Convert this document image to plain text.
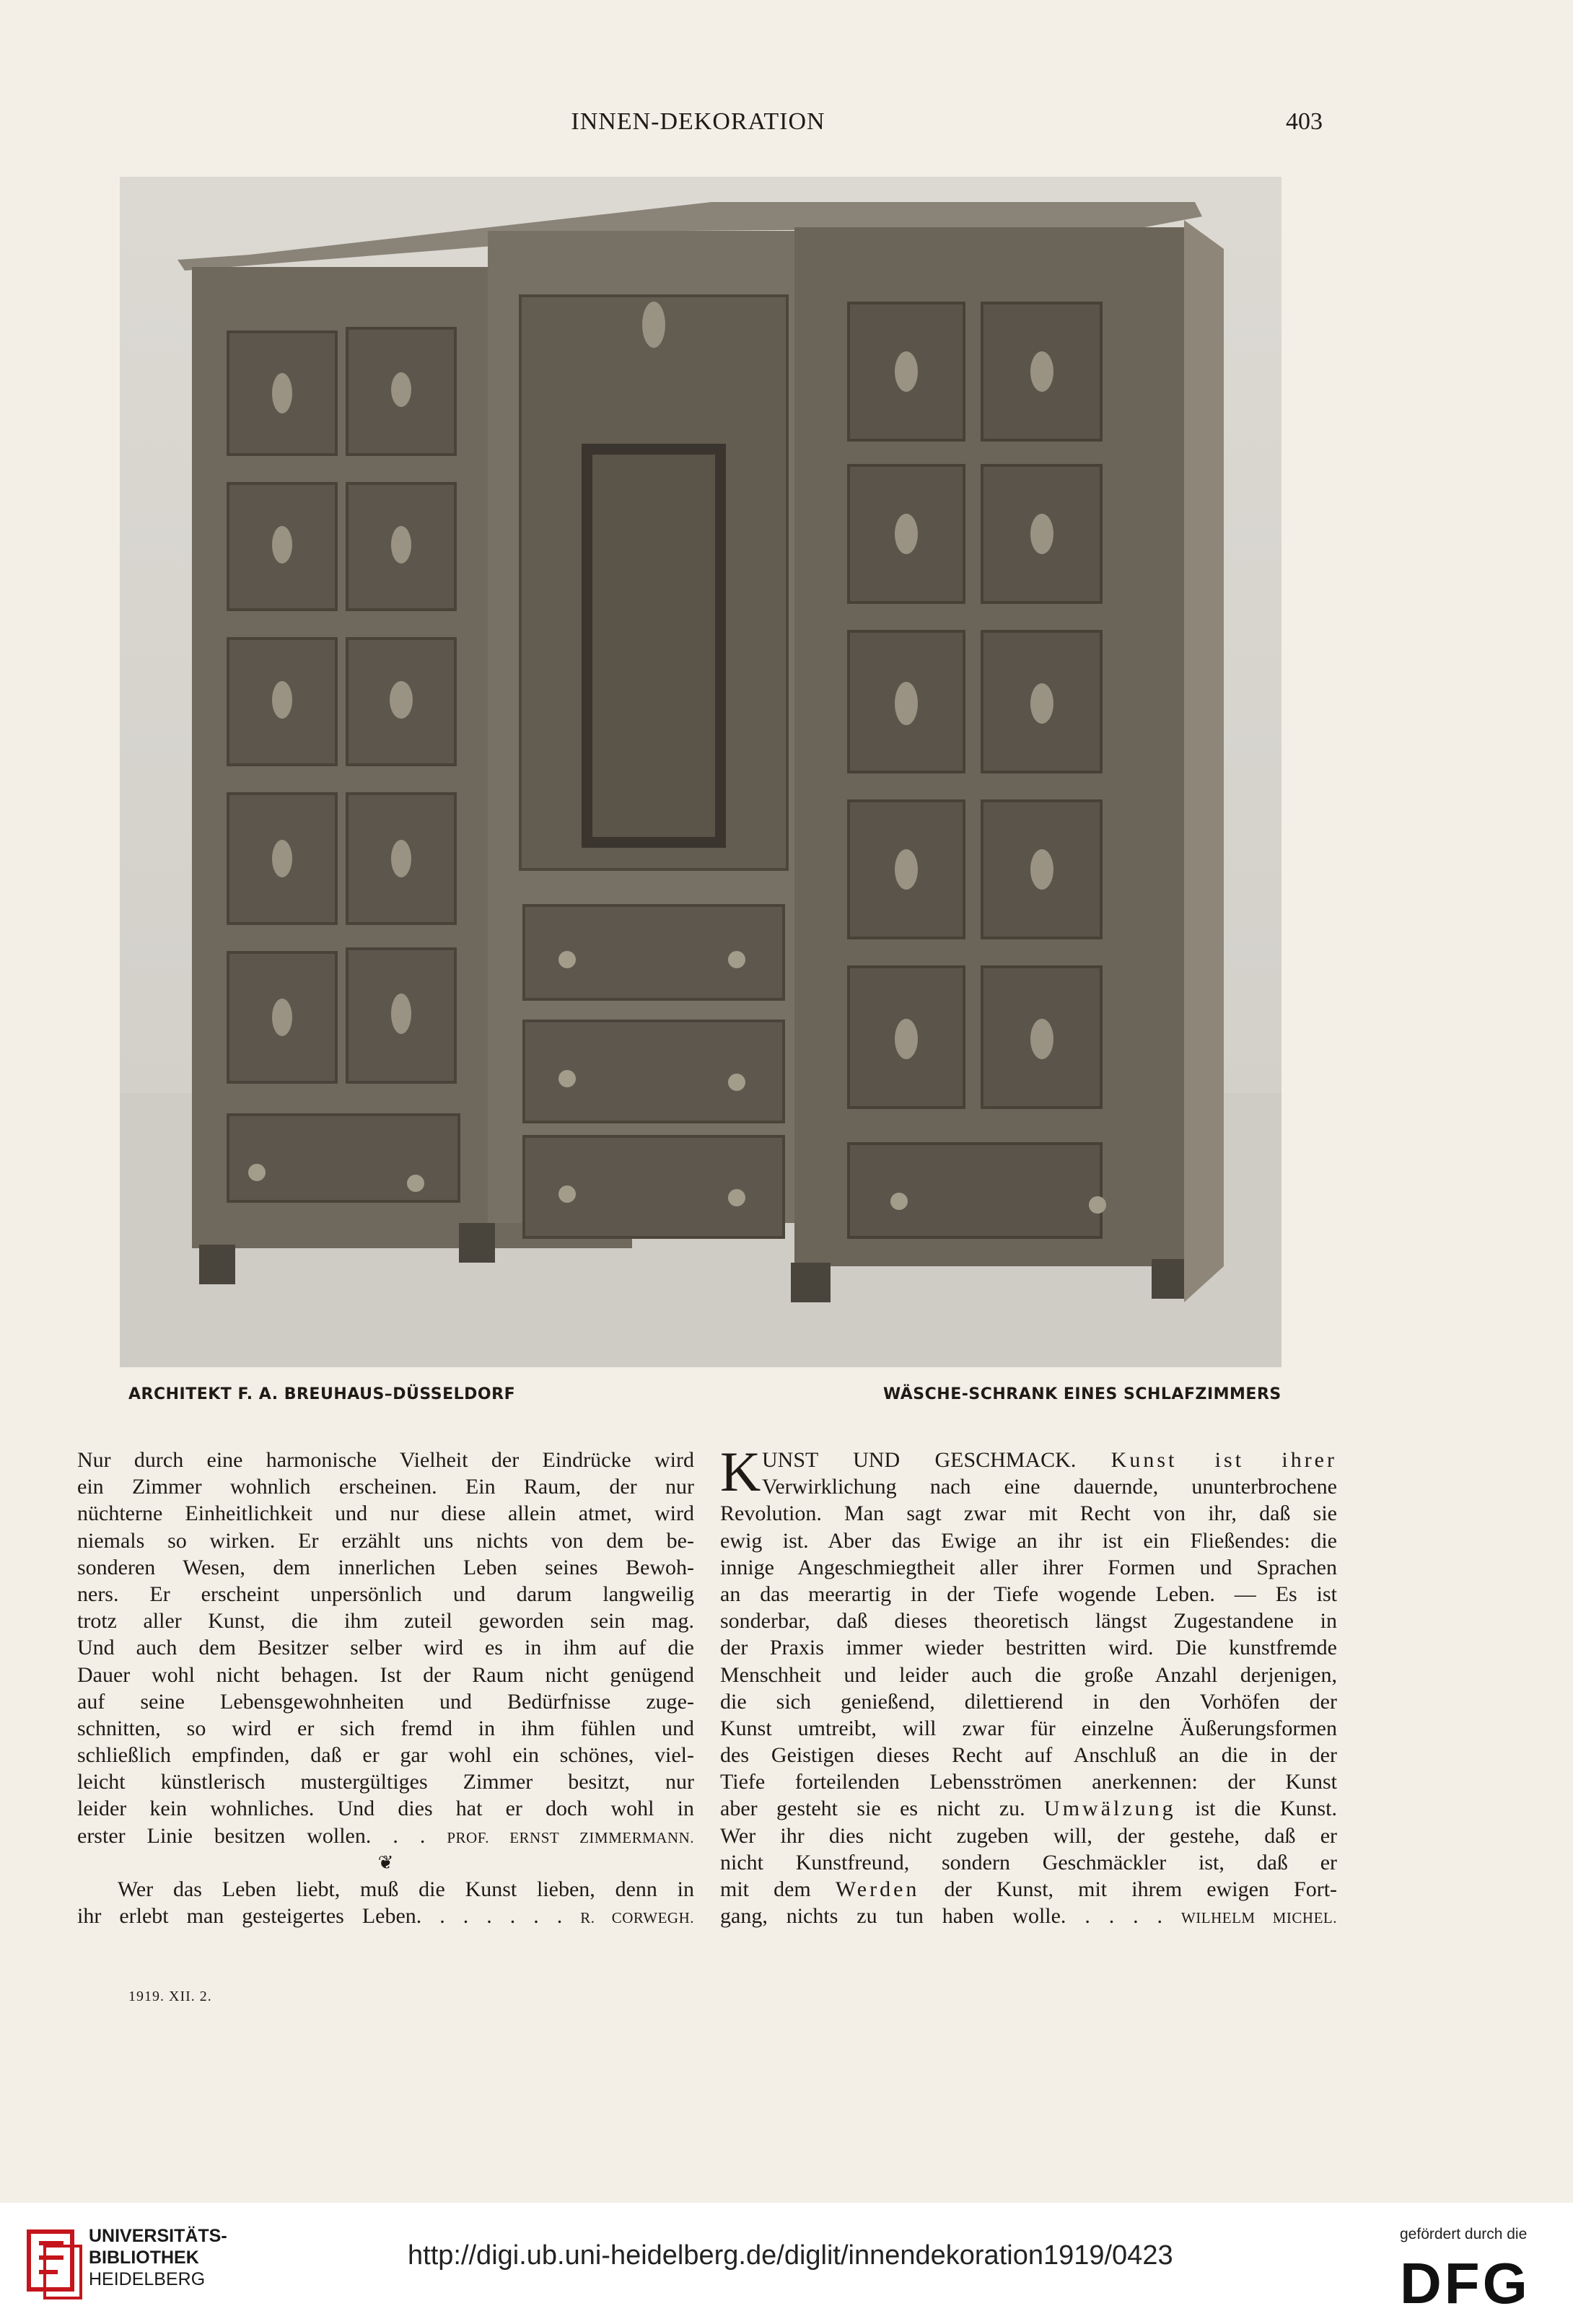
INNEN-DEKORATION	403
ARCHITEKT F. A. BREUHAUS–DÜSSELDORF	WÄSCHE-SCHRANK EINES SCHLAFZIMMERS
Nur durch eine harmonische Vielheit der Eindrücke wird
ein Zimmer wohnlich erscheinen. Ein Raum, der nur
nüchterne Einheitlichkeit und nur diese allein atmet, wird
niemals so wirken. Er erzählt uns nichts von dem be-
sonderen Wesen, dem innerlichen Leben seines Bewoh-
ners. Er erscheint unpersönlich und darum langweilig
trotz aller Kunst, die ihm zuteil geworden sein mag.
Und auch dem Besitzer selber wird es in ihm auf die
Dauer wohl nicht behagen. Ist der Raum nicht genügend
auf seine Lebensgewohnheiten und Bedürfnisse zuge-
schnitten, so wird er sich fremd in ihm fühlen und
schließlich empfinden, daß er gar wohl ein schönes, viel-
leicht künstlerisch mustergültiges Zimmer besitzt, nur
leider kein wohnliches. Und dies hat er doch wohl in
erster Linie besitzen wollen. . . PROF. ERNST ZIMMERMANN.
❦
Wer das Leben liebt, muß die Kunst lieben, denn in
ihr erlebt man gesteigertes Leben. . . . . . . R. CORWEGH.
K UNST UND GESCHMACK. Kunst ist ihrer
Verwirklichung nach eine dauernde, ununterbrochene
Revolution. Man sagt zwar mit Recht von ihr, daß sie
ewig ist. Aber das Ewige an ihr ist ein Fließendes: die
innige Angeschmiegtheit aller ihrer Formen und Sprachen
an das meerartig in der Tiefe wogende Leben. — Es ist
sonderbar, daß dieses theoretisch längst Zugestandene in
der Praxis immer wieder bestritten wird. Die kunstfremde
Menschheit und leider auch die große Anzahl derjenigen,
die sich genießend, dilettierend in den Vorhöfen der
Kunst umtreibt, will zwar für einzelne Äußerungsformen
des Geistigen dieses Recht auf Anschluß an die in der
Tiefe forteilenden Lebensströmen anerkennen: der Kunst
aber gesteht sie es nicht zu. Umwälzung ist die Kunst.
Wer ihr dies nicht zugeben will, der gestehe, daß er
nicht Kunstfreund, sondern Geschmäckler ist, daß er
mit dem Werden der Kunst, mit ihrem ewigen Fort-
gang, nichts zu tun haben wolle. . . . . WILHELM MICHEL.
1919. XII. 2.
UNIVERSITÄTS-
BIBLIOTHEK
HEIDELBERG
http://digi.ub.uni-heidelberg.de/diglit/innendekoration1919/0423
gefördert durch die
DFG
